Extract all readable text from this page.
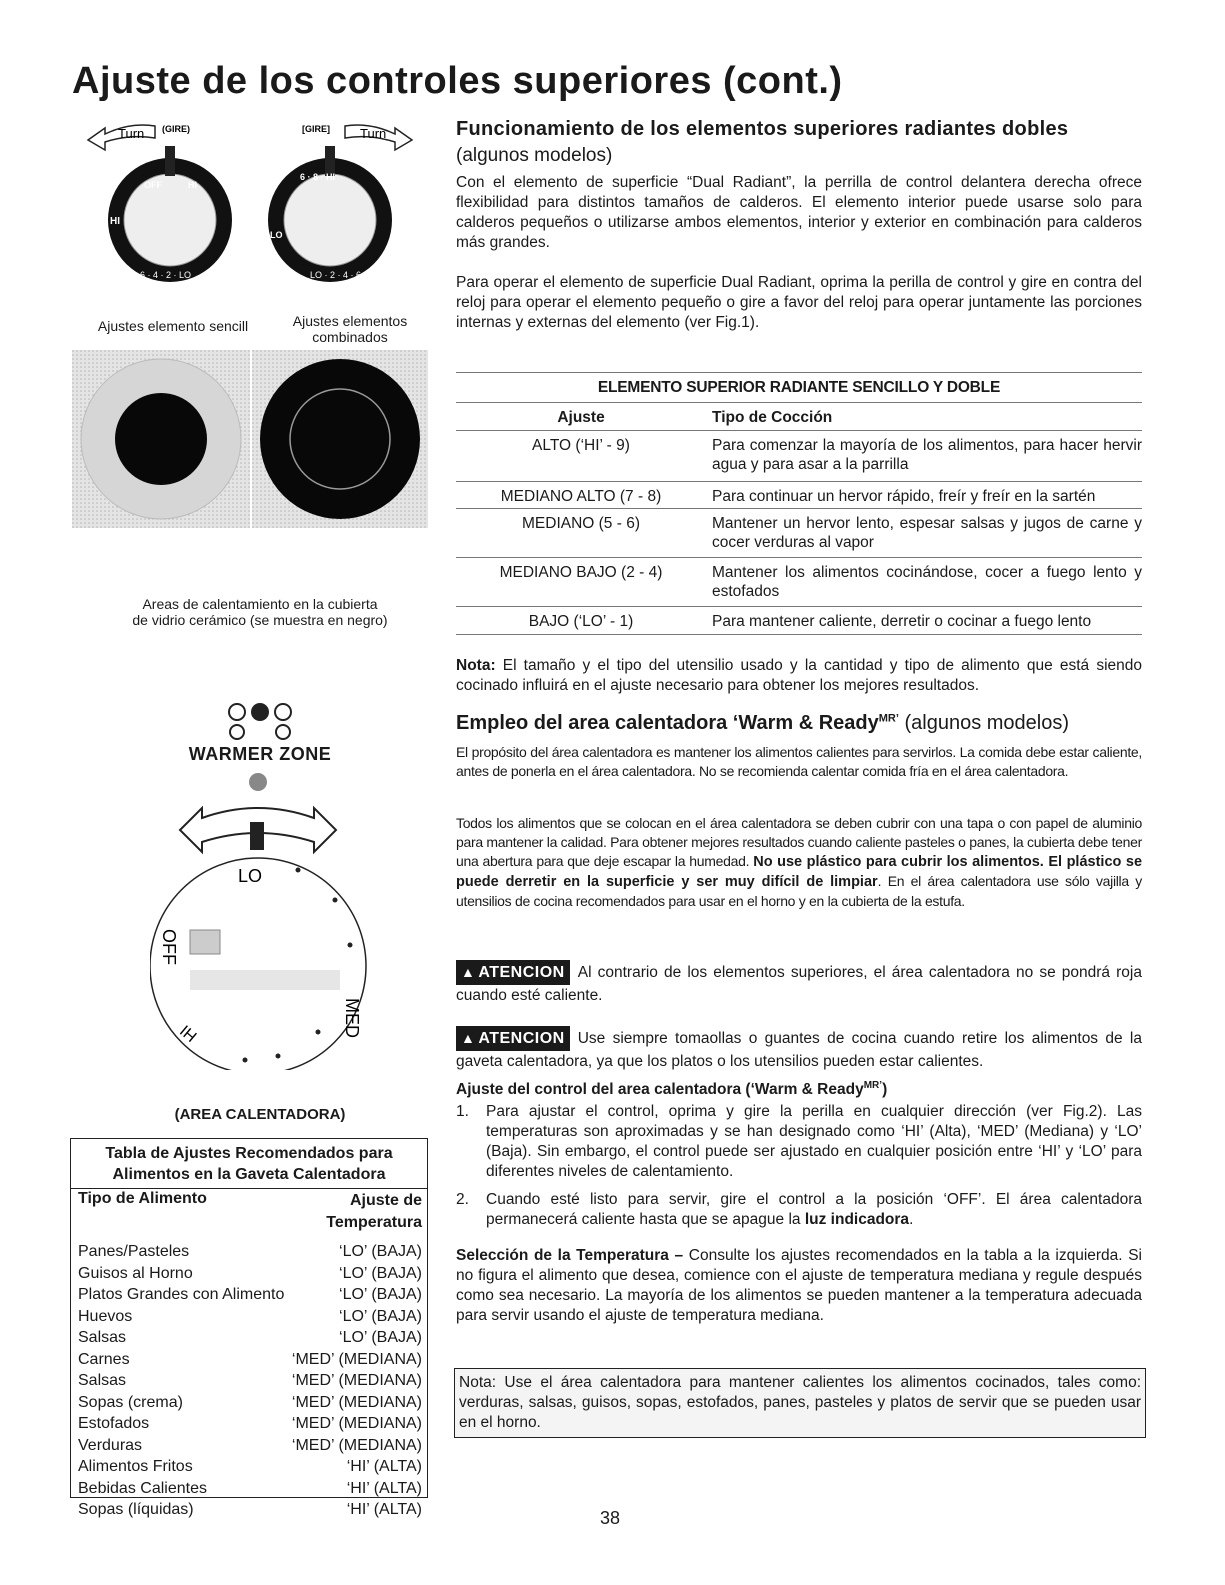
Ajuste de los controles superiores (cont.)
Turn (GIRE)
OFF	HI
HI
6 · 4 · 2 · LO
Turn
[GIRE]
6 · 8 · HI
LO
LO · 2 · 4 · 6
Ajustes elemento sencill	Ajustes elementos
combinados
Areas de calentamiento en la cubierta
de vidrio cerámico (se muestra en negro)
WARMER ZONE
LO
OFF
MED
HI
(AREA CALENTADORA)
Tabla de Ajustes Recomendados para
Alimentos en la Gaveta Calentadora
Tipo de Alimento	Ajuste de
Temperatura
Panes/Pasteles	‘LO’ (BAJA)
Guisos al Horno	‘LO’ (BAJA)
Platos Grandes con Alimento	‘LO’ (BAJA)
Huevos	‘LO’ (BAJA)
Salsas	‘LO’ (BAJA)
Carnes	‘MED’ (MEDIANA)
Salsas	‘MED’ (MEDIANA)
Sopas (crema)	‘MED’ (MEDIANA)
Estofados	‘MED’ (MEDIANA)
Verduras	‘MED’ (MEDIANA)
Alimentos Fritos	‘HI’ (ALTA)
Bebidas Calientes	‘HI’ (ALTA)
Sopas (líquidas)	‘HI’ (ALTA)
Funcionamiento de los elementos superiores radiantes dobles
(algunos modelos)

Con el elemento de superficie “Dual Radiant”, la perrilla de control delantera derecha ofrece flexibilidad para distintos tamaños de calderos. El elemento interior puede usarse solo para calderos pequeños o utilizarse ambos elementos, interior y exterior en combinación para calderos más grandes.

Para operar el elemento de superficie Dual Radiant, oprima la perilla de control y gire en contra del reloj para operar el elemento pequeño o gire a favor del reloj para operar juntamente las porciones internas y externas del elemento (ver Fig.1).

ELEMENTO SUPERIOR RADIANTE SENCILLO Y DOBLE
Ajuste	Tipo de Cocción
ALTO (‘HI’ - 9)	Para comenzar la mayoría de los alimentos, para hacer hervir agua y para asar a la parrilla
MEDIANO ALTO (7 - 8)	Para continuar un hervor rápido, freír y freír en la sartén
MEDIANO (5 - 6)	Mantener un hervor lento, espesar salsas y jugos de carne y cocer verduras al vapor
MEDIANO BAJO (2 - 4)	Mantener los alimentos cocinándose, cocer a fuego lento y estofados
BAJO (‘LO’ - 1)	Para mantener caliente, derretir o cocinar a fuego lento

Nota: El tamaño y el tipo del utensilio usado y la cantidad y tipo de alimento que está siendo cocinado influirá en el ajuste necesario para obtener los mejores resultados.

Empleo del area calentadora ‘Warm & Ready$^{MR’}$ (algunos modelos)

El propósito del área calentadora es mantener los alimentos calientes para servirlos. La comida debe estar caliente, antes de ponerla en el área calentadora. No se recomienda calentar comida fría en el área calentadora.

Todos los alimentos que se colocan en el área calentadora se deben cubrir con una tapa o con papel de aluminio para mantener la calidad. Para obtener mejores resultados cuando caliente pasteles o panes, la cubierta debe tener una abertura para que deje escapar la humedad. No use plástico para cubrir los alimentos. El plástico se puede derretir en la superficie y ser muy difícil de limpiar. En el área calentadora use sólo vajilla y utensilios de cocina recomendados para usar en el horno y en la cubierta de la estufa.

▲ ATENCION Al contrario de los elementos superiores, el área calentadora no se pondrá roja cuando esté caliente.

▲ ATENCION Use siempre tomaollas o guantes de cocina cuando retire los alimentos de la gaveta calentadora, ya que los platos o los utensilios pueden estar calientes.

Ajuste del control del area calentadora (‘Warm & Ready$^{MR’}$)
1. Para ajustar el control, oprima y gire la perilla en cualquier dirección (ver Fig.2). Las temperaturas son aproximadas y se han designado como ‘HI’ (Alta), ‘MED’ (Mediana) y ‘LO’ (Baja). Sin embargo, el control puede ser ajustado en cualquier posición entre ‘HI’ y ‘LO’ para diferentes niveles de calentamiento.
2. Cuando esté listo para servir, gire el control a la posición ‘OFF’. El área calentadora permanecerá caliente hasta que se apague la luz indicadora.

Selección de la Temperatura – Consulte los ajustes recomendados en la tabla a la izquierda. Si no figura el alimento que desea, comience con el ajuste de temperatura mediana y regule después como sea necesario. La mayoría de los alimentos se pueden mantener a la temperatura adecuada para servir usando el ajuste de temperatura mediana.

Nota: Use el área calentadora para mantener calientes los alimentos cocinados, tales como: verduras, salsas, guisos, sopas, estofados, panes, pasteles y platos de servir que se pueden usar en el horno.

38
